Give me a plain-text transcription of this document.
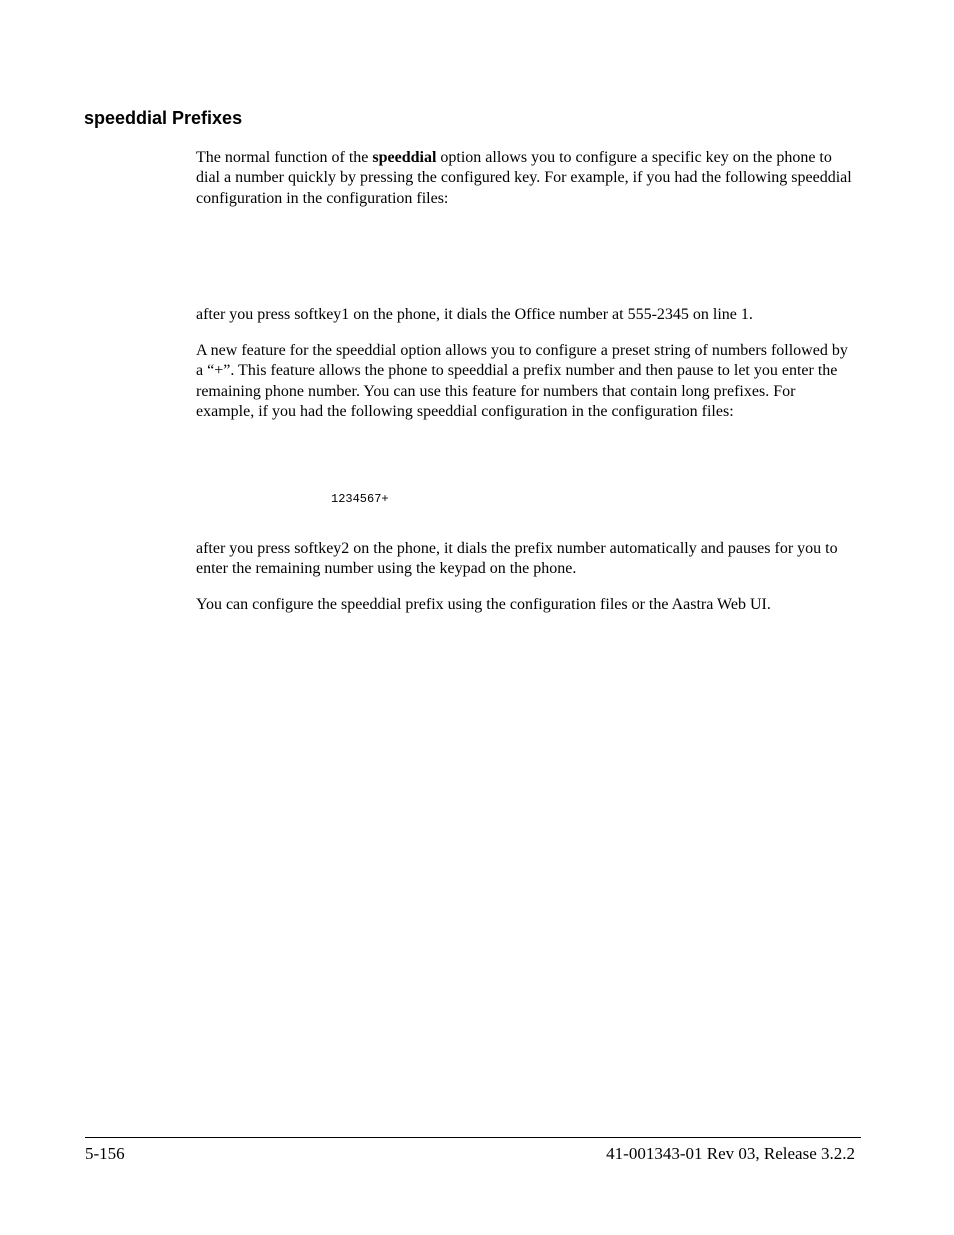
speeddial Prefixes

The normal function of the speeddial option allows you to configure a specific key on the phone to dial a number quickly by pressing the configured key. For example, if you had the following speeddial configuration in the configuration files:

after you press softkey1 on the phone, it dials the Office number at 555-2345 on line 1.

A new feature for the speeddial option allows you to configure a preset string of numbers followed by a “+”. This feature allows the phone to speeddial a prefix number and then pause to let you enter the remaining phone number. You can use this feature for numbers that contain long prefixes. For example, if you had the following speeddial configuration in the configuration files:

1234567+

after you press softkey2 on the phone, it dials the prefix number automatically and pauses for you to enter the remaining number using the keypad on the phone.

You can configure the speeddial prefix using the configuration files or the Aastra Web UI.

5-156	41-001343-01 Rev 03, Release 3.2.2
